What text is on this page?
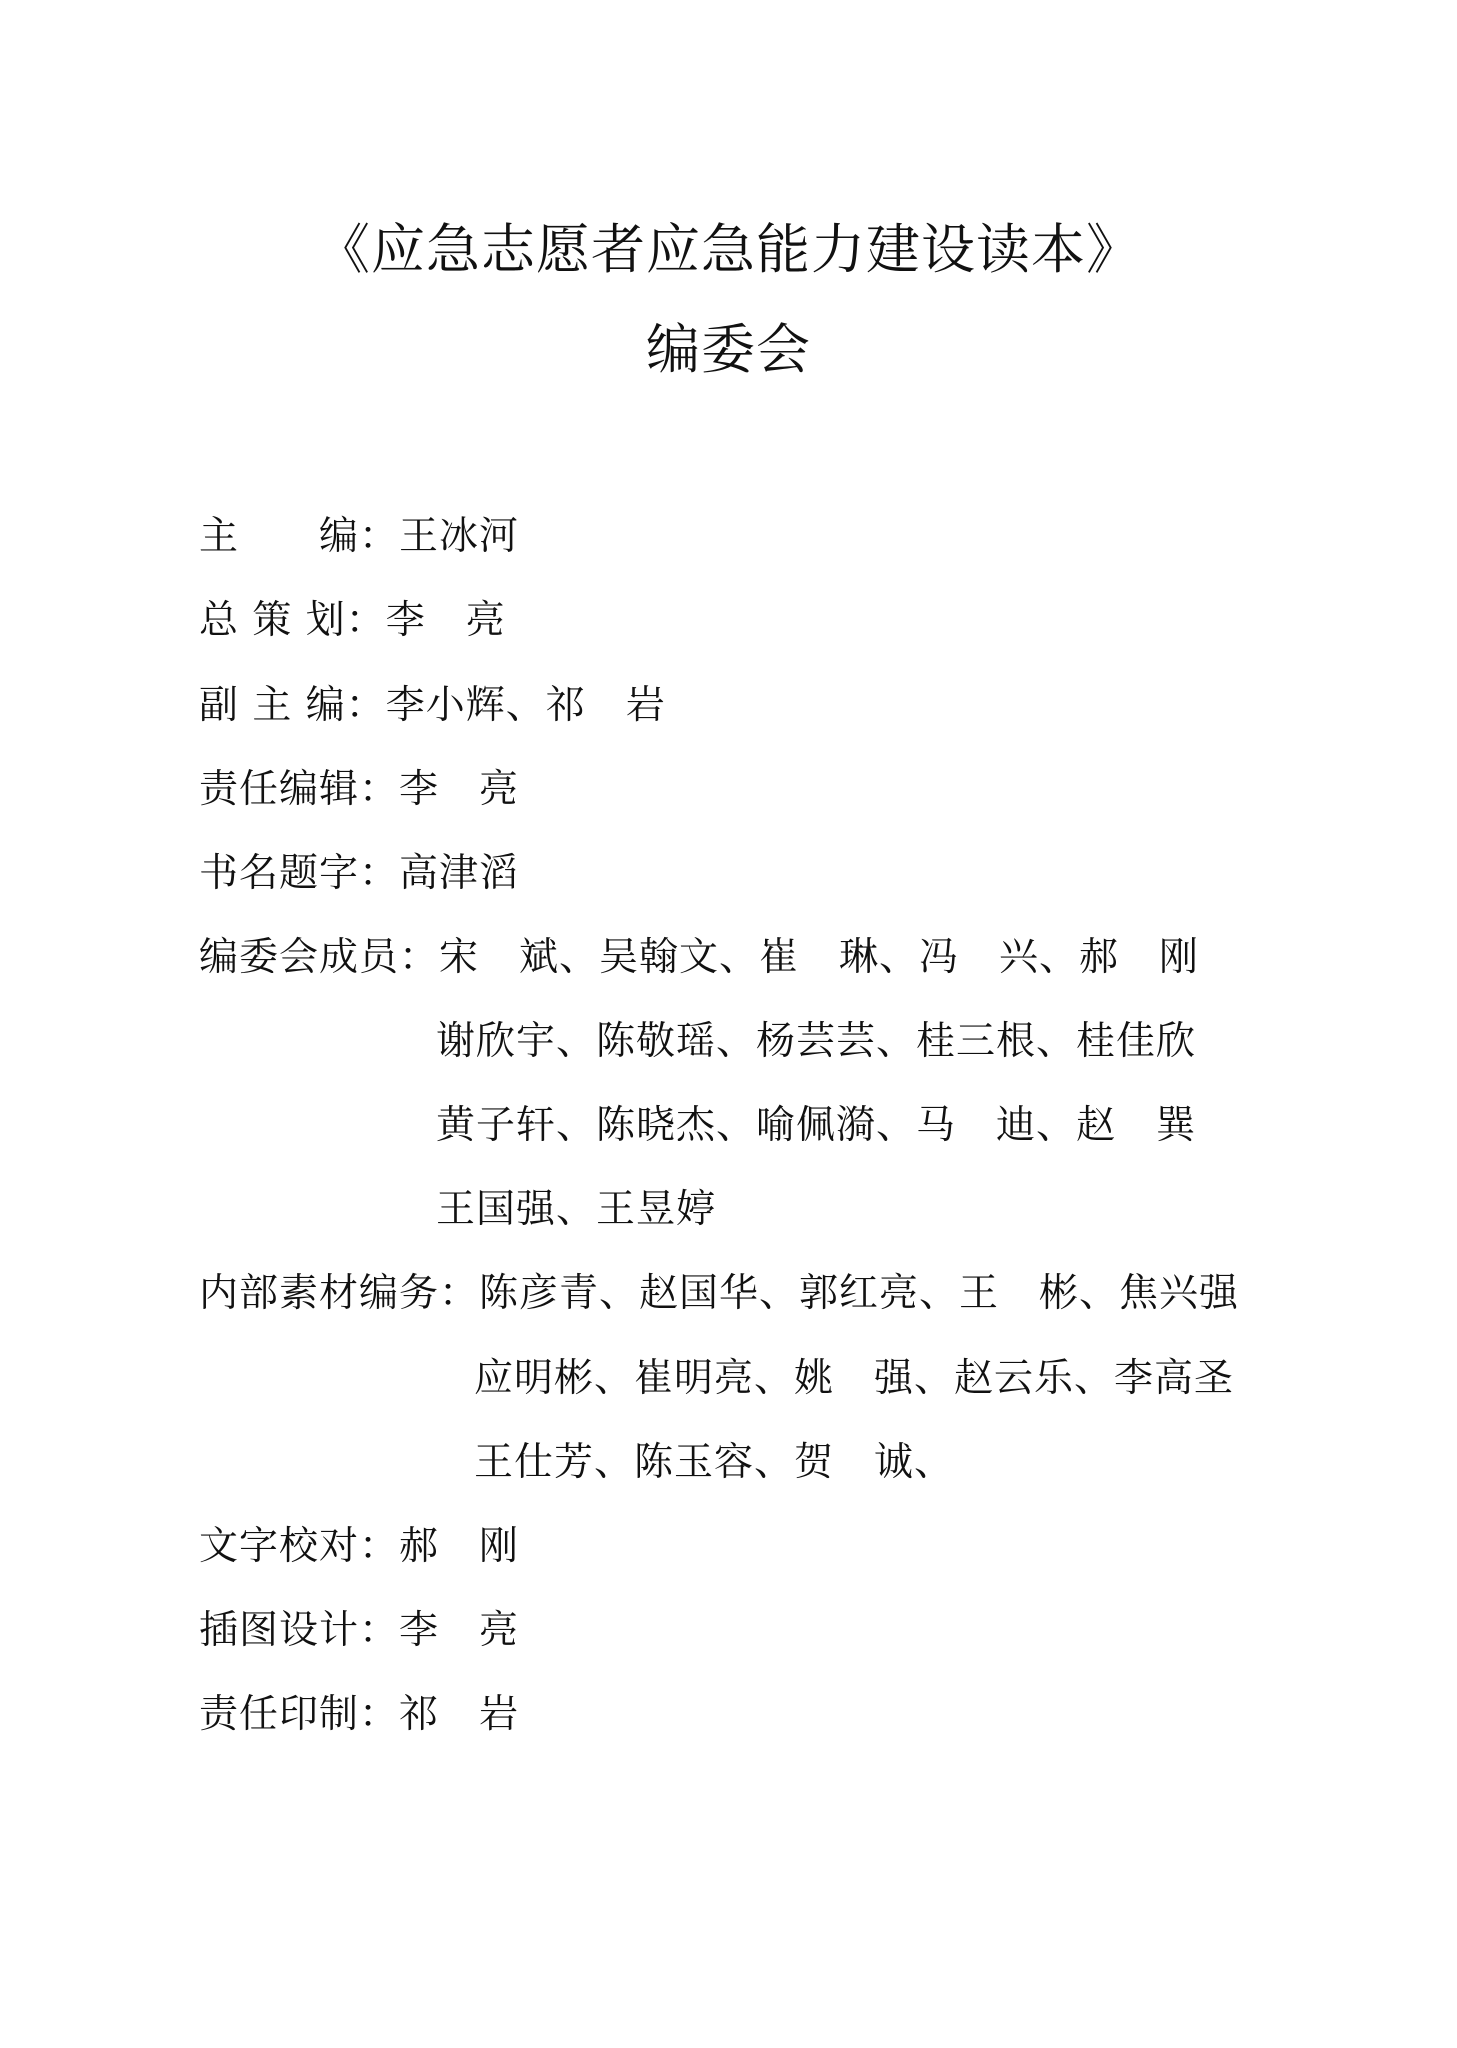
《应急志愿者应急能力建设读本》
编委会
主　　编：王冰河
总 策 划：李　亮
副 主 编：李小辉、祁　岩
责任编辑：李　亮
书名题字：高津滔
编委会成员：宋　斌、吴翰文、崔　琳、冯　兴、郝　刚
谢欣宇、陈敬瑶、杨芸芸、桂三根、桂佳欣
黄子轩、陈晓杰、喻佩漪、马　迪、赵　巽
王国强、王昱婷
内部素材编务：陈彦青、赵国华、郭红亮、王　彬、焦兴强
应明彬、崔明亮、姚　强、赵云乐、李高圣
王仕芳、陈玉容、贺　诚、
文字校对：郝　刚
插图设计：李　亮
责任印制：祁　岩
